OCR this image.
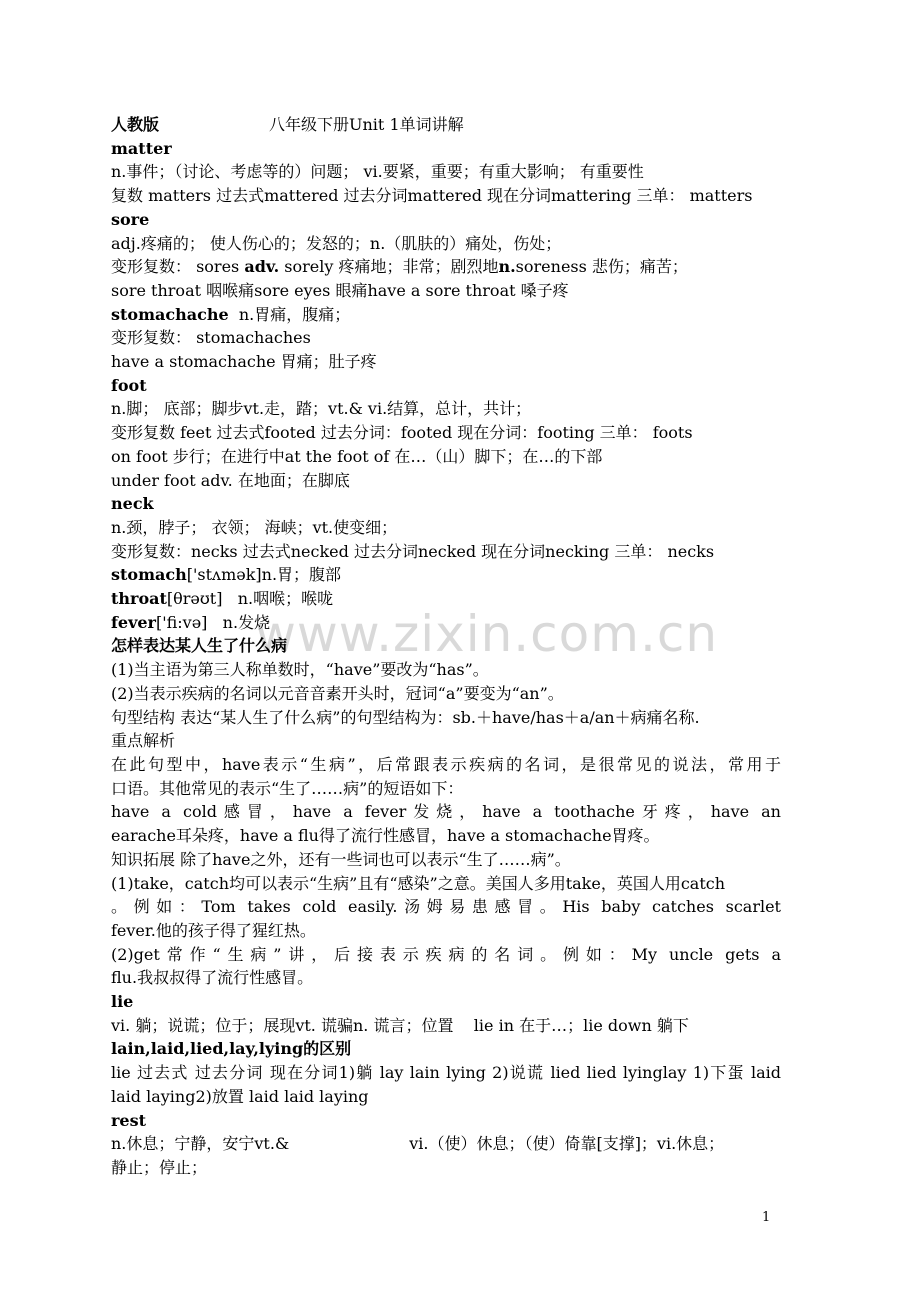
www.zixin.com.cn
人教版	八年级下册Unit 1单词讲解
matter
n.事件；（讨论、考虑等的）问题； vi.要紧，重要；有重大影响； 有重要性
复数 matters 过去式mattered 过去分词mattered 现在分词mattering 三单： matters
sore
adj.疼痛的； 使人伤心的；发怒的；n.（肌肤的）痛处，伤处；
变形复数： sores adv. sorely 疼痛地；非常；剧烈地n.soreness 悲伤；痛苦；
sore throat 咽喉痛sore eyes 眼痛have a sore throat 嗓子疼
stomachache  n.胃痛，腹痛；
变形复数： stomachaches
have a stomachache 胃痛；肚子疼
foot
n.脚； 底部；脚步vt.走，踏；vt.& vi.结算，总计，共计；
变形复数 feet 过去式footed 过去分词：footed 现在分词：footing 三单： foots
on foot 步行；在进行中at the foot of 在…（山）脚下；在…的下部
under foot adv. 在地面；在脚底
neck
n.颈，脖子； 衣领； 海峡；vt.使变细；
变形复数：necks 过去式necked 过去分词necked 现在分词necking 三单： necks
stomach['stʌmək]n.胃；腹部
throat[θrəʊt]   n.咽喉；喉咙
fever['fi:və]   n.发烧
怎样表达某人生了什么病
(1)当主语为第三人称单数时，“have”要改为“has”。
(2)当表示疾病的名词以元音音素开头时，冠词“a”要变为“an”。
句型结构 表达“某人生了什么病”的句型结构为：sb.＋have/has＋a/an＋病痛名称.
重点解析
在此句型中，have表示“生病”，后常跟表示疾病的名词，是很常见的说法，常用于
口语。其他常见的表示“生了……病”的短语如下：
have a cold感冒，have a fever发烧，have a toothache牙疼，have an
earache耳朵疼，have a flu得了流行性感冒，have a stomachache胃疼。
知识拓展 除了have之外，还有一些词也可以表示“生了……病”。
(1)take，catch均可以表示“生病”且有“感染”之意。美国人多用take，英国人用catch
。例如：Tom takes cold easily.汤姆易患感冒。His baby catches scarlet
fever.他的孩子得了猩红热。
(2)get常作“生病”讲，后接表示疾病的名词。例如：My uncle gets a
flu.我叔叔得了流行性感冒。
lie
vi. 躺；说谎；位于；展现vt. 谎骗n. 谎言；位置    lie in 在于…；lie down 躺下
lain,laid,lied,lay,lying的区别
lie 过去式 过去分词 现在分词1)躺 lay lain lying 2)说谎 lied lied lyinglay 1)下蛋 laid
laid laying2)放置 laid laid laying
rest
n.休息；宁静，安宁vt.&	vi.（使）休息；（使）倚靠[支撑]；vi.休息；
静止；停止；
1
